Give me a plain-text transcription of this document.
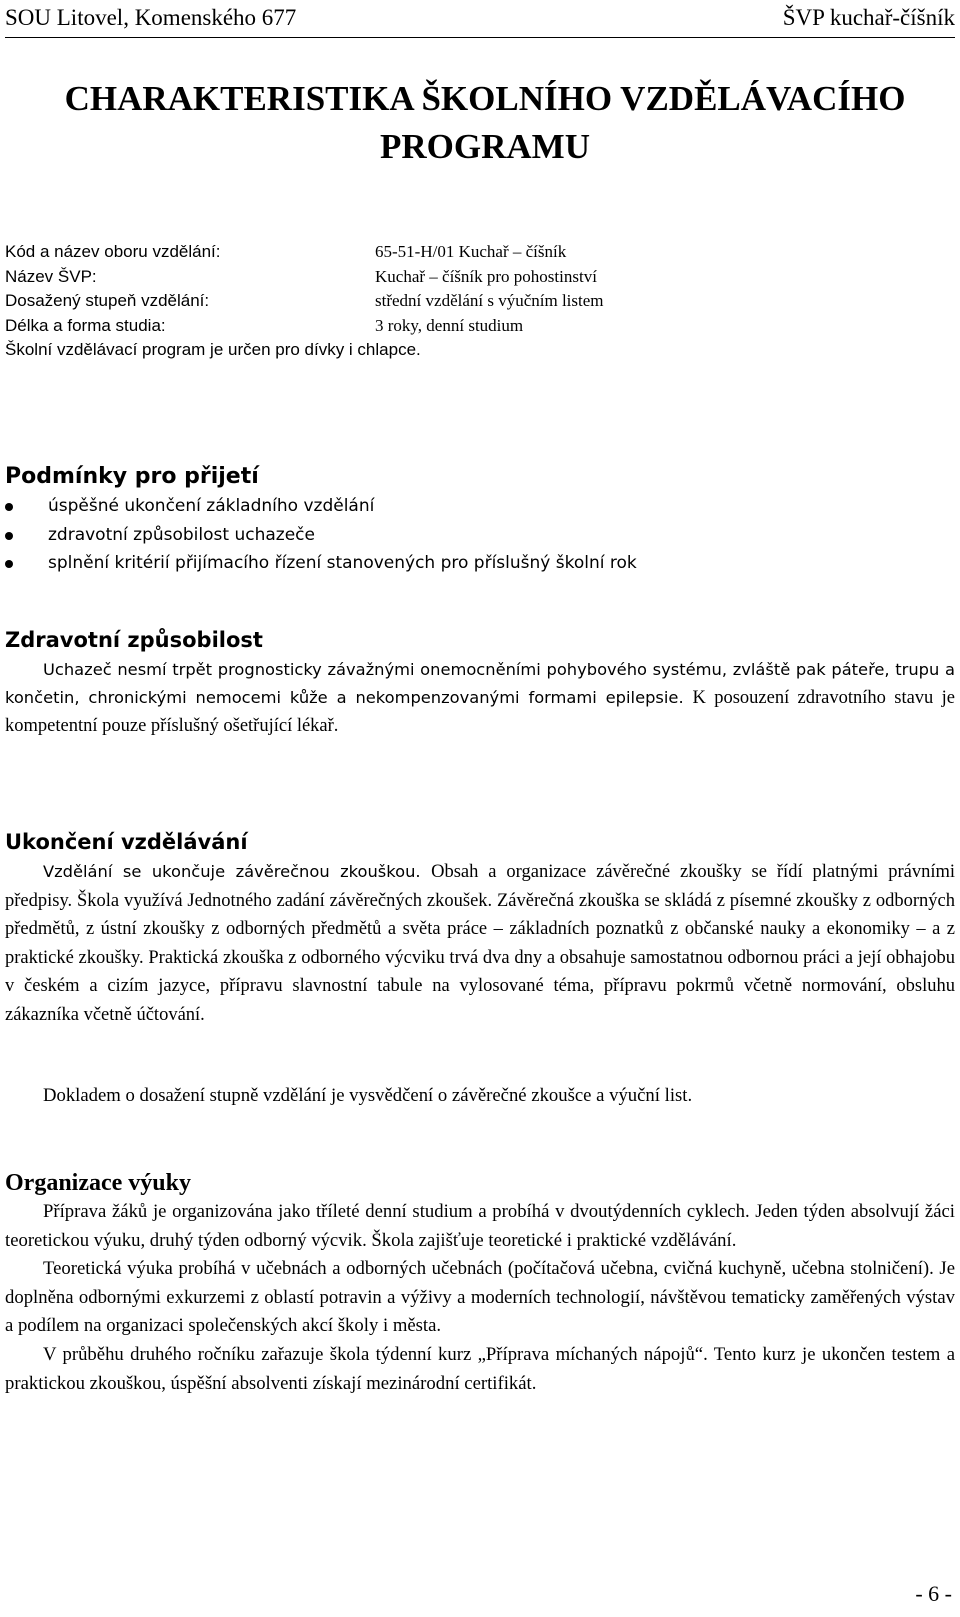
SOU Litovel, Komenského 677	ŠVP kuchař-číšník
CHARAKTERISTIKA ŠKOLNÍHO VZDĚLÁVACÍHO
PROGRAMU
Kód a název oboru vzdělání:	65-51-H/01 Kuchař – číšník
Název ŠVP:	Kuchař – číšník pro pohostinství
Dosažený stupeň vzdělání:	střední vzdělání s výučním listem
Délka a forma studia:	3 roky, denní studium
Školní vzdělávací program je určen pro dívky i chlapce.
Podmínky pro přijetí
úspěšné ukončení základního vzdělání
zdravotní způsobilost uchazeče
splnění kritérií přijímacího řízení stanovených pro příslušný školní rok
Zdravotní způsobilost

Uchazeč nesmí trpět prognosticky závažnými onemocněními pohybového systému, zvláště pak páteře, trupu a končetin, chronickými nemocemi kůže a nekompenzovanými formami epilepsie. K posouzení zdravotního stavu je kompetentní pouze příslušný ošetřující lékař.

Ukončení vzdělávání

Vzdělání se ukončuje závěrečnou zkouškou. Obsah a organizace závěrečné zkoušky se řídí platnými právními předpisy. Škola využívá Jednotného zadání závěrečných zkoušek. Závěrečná zkouška se skládá z písemné zkoušky z odborných předmětů, z ústní zkoušky z odborných předmětů a světa práce – základních poznatků z občanské nauky a ekonomiky – a z praktické zkoušky. Praktická zkouška z odborného výcviku trvá dva dny a obsahuje samostatnou odbornou práci a její obhajobu v českém a cizím jazyce, přípravu slavnostní tabule na vylosované téma, přípravu pokrmů včetně normování, obsluhu zákazníka včetně účtování.

Dokladem o dosažení stupně vzdělání je vysvědčení o závěrečné zkoušce a výuční list.

Organizace výuky

Příprava žáků je organizována jako tříleté denní studium a probíhá v dvoutýdenních cyklech. Jeden týden absolvují žáci teoretickou výuku, druhý týden odborný výcvik. Škola zajišťuje teoretické i praktické vzdělávání.

Teoretická výuka probíhá v učebnách a odborných učebnách (počítačová učebna, cvičná kuchyně, učebna stolničení). Je doplněna odbornými exkurzemi z oblastí potravin a výživy a moderních technologií, návštěvou tematicky zaměřených výstav a podílem na organizaci společenských akcí školy i města.

V průběhu druhého ročníku zařazuje škola týdenní kurz „Příprava míchaných nápojů“. Tento kurz je ukončen testem a praktickou zkouškou, úspěšní absolventi získají mezinárodní certifikát.

- 6 -
